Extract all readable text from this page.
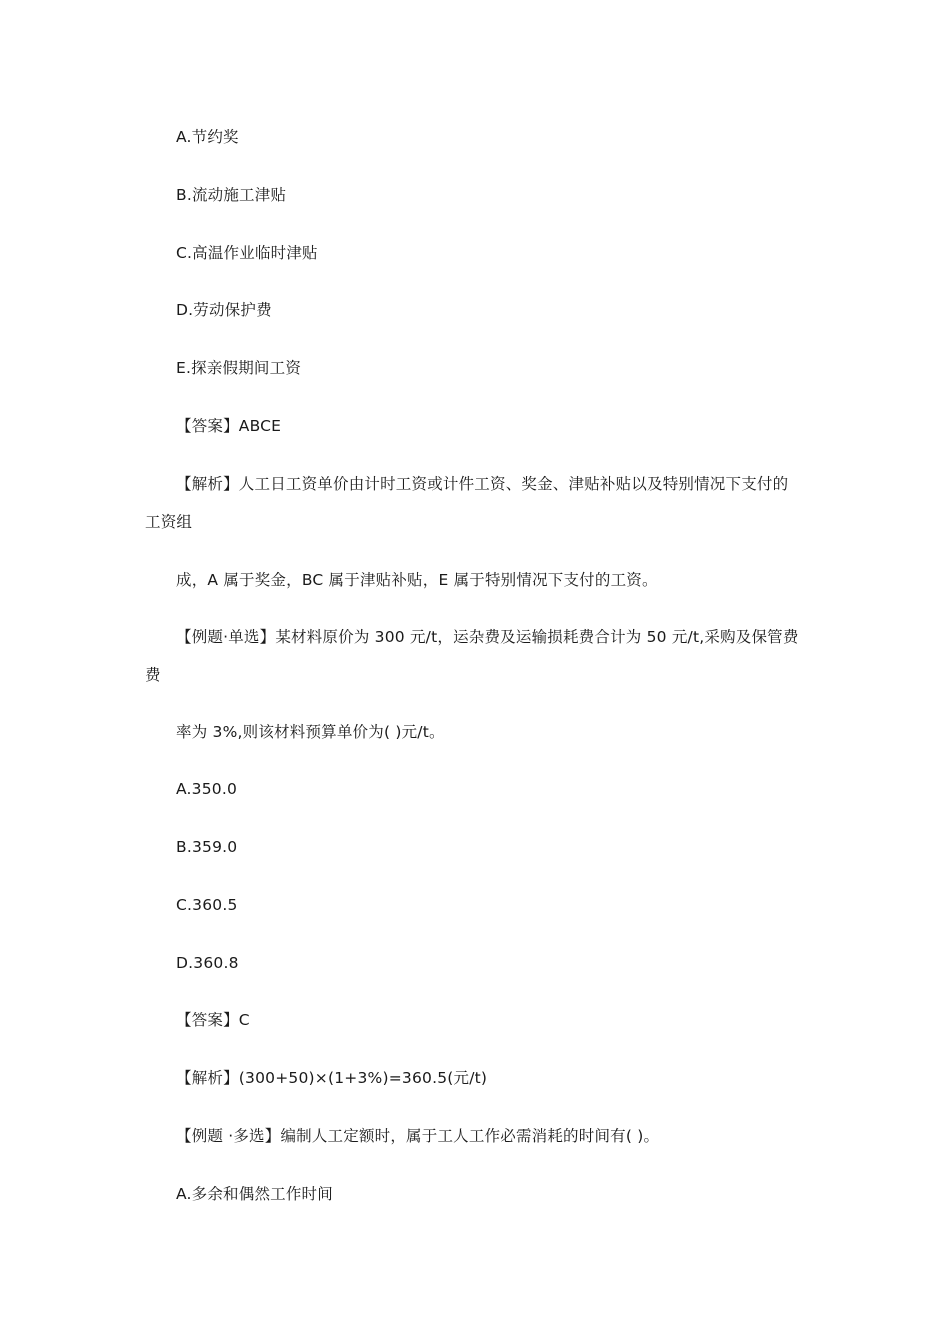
A.节约奖
B.流动施工津贴
C.高温作业临时津贴
D.劳动保护费
E.探亲假期间工资
【答案】ABCE
【解析】人工日工资单价由计时工资或计件工资、奖金、津贴补贴以及特别情况下支付的
工资组
成，A 属于奖金，BC 属于津贴补贴，E 属于特别情况下支付的工资。
【例题·单选】某材料原价为 300 元/t，运杂费及运输损耗费合计为 50 元/t,采购及保管费
费
率为 3%,则该材料预算单价为( )元/t。
A.350.0
B.359.0
C.360.5
D.360.8
【答案】C
【解析】(300+50)×(1+3%)=360.5(元/t)
【例题 ·多选】编制人工定额时，属于工人工作必需消耗的时间有( )。
A.多余和偶然工作时间
